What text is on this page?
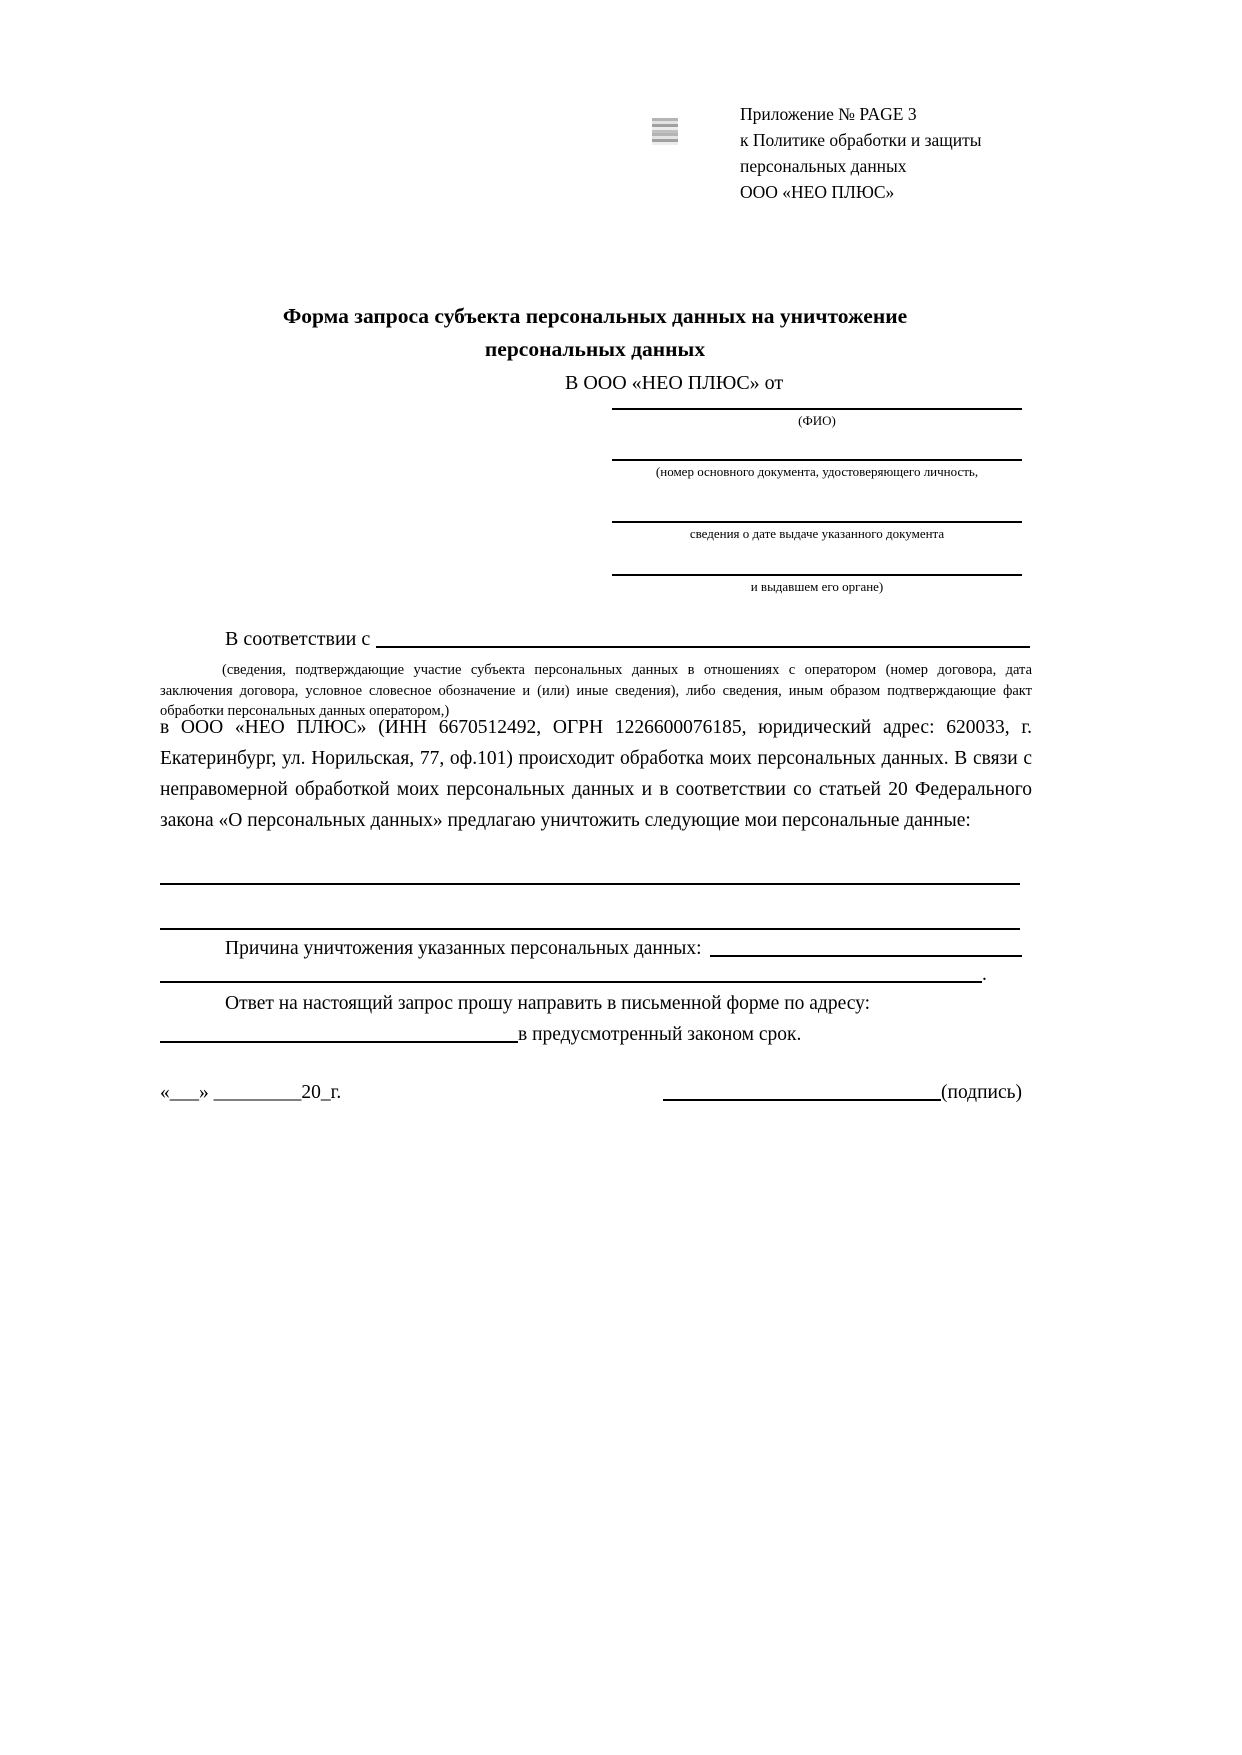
Приложение № PAGE 3
к Политике обработки и защиты
персональных данных
ООО «НЕО ПЛЮС»
Форма запроса субъекта персональных данных на уничтожение
персональных данных
В ООО «НЕО ПЛЮС» от
(ФИО)
(номер основного документа, удостоверяющего личность,
сведения о дате выдаче указанного документа
и выдавшем его органе)
В соответствии с
(сведения, подтверждающие участие субъекта персональных данных в отношениях с оператором (номер договора, дата заключения договора, условное словесное обозначение и (или) иные сведения), либо сведения, иным образом подтверждающие факт обработки персональных данных оператором,)
в ООО «НЕО ПЛЮС» (ИНН 6670512492, ОГРН 1226600076185, юридический адрес: 620033, г. Екатеринбург, ул. Норильская, 77, оф.101) происходит обработка моих персональных данных. В связи с неправомерной обработкой моих персональных данных и в соответствии со статьей 20 Федерального закона «О персональных данных» предлагаю уничтожить следующие мои персональные данные:
Причина уничтожения указанных персональных данных:
.
Ответ на настоящий запрос прошу направить в письменной форме по адресу:
в предусмотренный законом срок.
«___» _________20_г.	(подпись)
